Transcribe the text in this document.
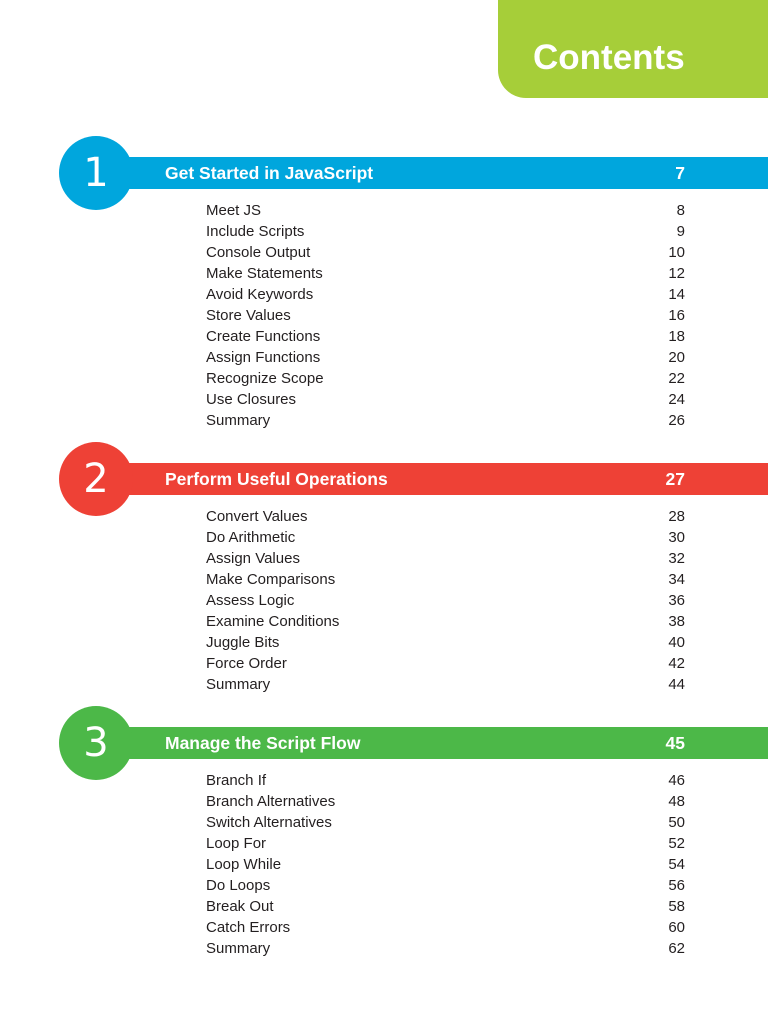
Contents
1	Get Started in JavaScript	7
Meet JS	8
Include Scripts	9
Console Output	10
Make Statements	12
Avoid Keywords	14
Store Values	16
Create Functions	18
Assign Functions	20
Recognize Scope	22
Use Closures	24
Summary	26
2	Perform Useful Operations	27
Convert Values	28
Do Arithmetic	30
Assign Values	32
Make Comparisons	34
Assess Logic	36
Examine Conditions	38
Juggle Bits	40
Force Order	42
Summary	44
3	Manage the Script Flow	45
Branch If	46
Branch Alternatives	48
Switch Alternatives	50
Loop For	52
Loop While	54
Do Loops	56
Break Out	58
Catch Errors	60
Summary	62
